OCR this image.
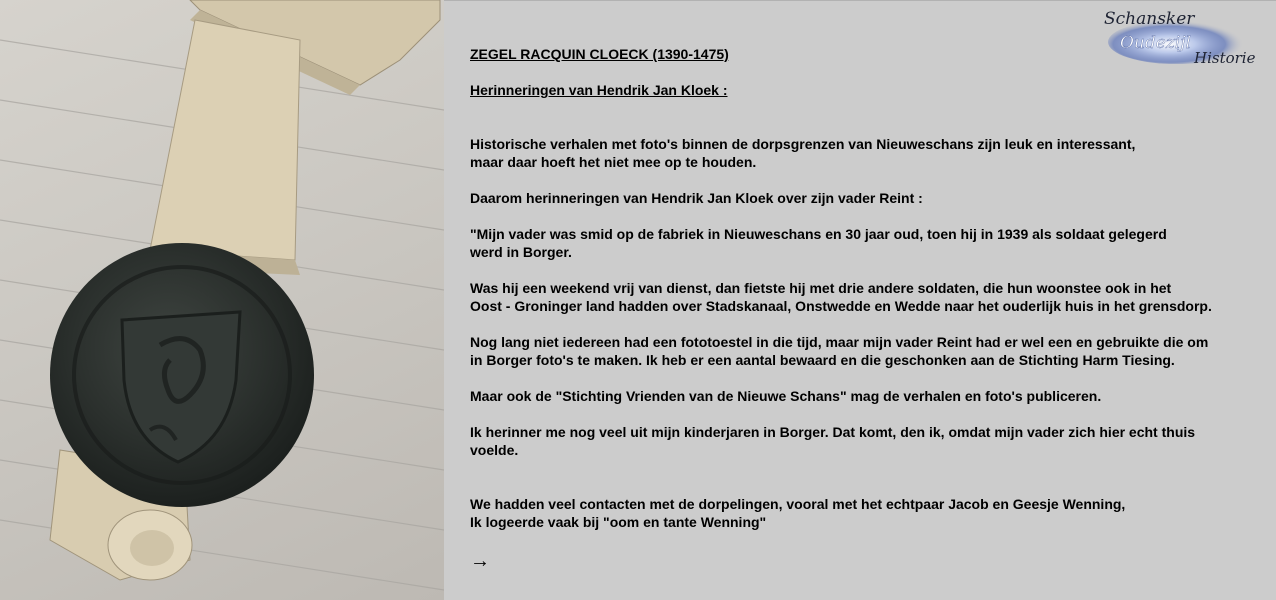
ZEGEL RACQUIN CLOECK (1390-1475)
Herinneringen van Hendrik Jan Kloek :
Historische verhalen met foto's binnen de dorpsgrenzen van Nieuweschans zijn leuk en interessant,
maar daar hoeft het niet mee op te houden.
Daarom herinneringen van Hendrik Jan Kloek over zijn vader Reint :
"Mijn vader was smid op de fabriek in Nieuweschans en 30 jaar oud, toen hij in 1939 als soldaat gelegerd
werd in Borger.
Was hij een weekend vrij van dienst, dan fietste hij met drie andere soldaten, die hun woonstee ook in het
Oost - Groninger land hadden over Stadskanaal, Onstwedde en Wedde naar het ouderlijk huis in het grensdorp.
Nog lang niet iedereen had een fototoestel in die tijd, maar mijn vader Reint had er wel een en gebruikte die om
in Borger foto's te maken. Ik heb er een aantal bewaard en die geschonken aan de Stichting Harm Tiesing.
Maar ook de "Stichting Vrienden van de Nieuwe Schans" mag de verhalen en foto's publiceren.
Ik herinner me nog veel uit mijn kinderjaren in Borger. Dat komt, den ik, omdat mijn vader zich hier echt thuis
voelde.
We hadden veel contacten met de dorpelingen, vooral met het echtpaar Jacob en Geesje Wenning,
Ik logeerde vaak bij "oom en tante Wenning"
→
Schansker
Oudezijl
Historie
